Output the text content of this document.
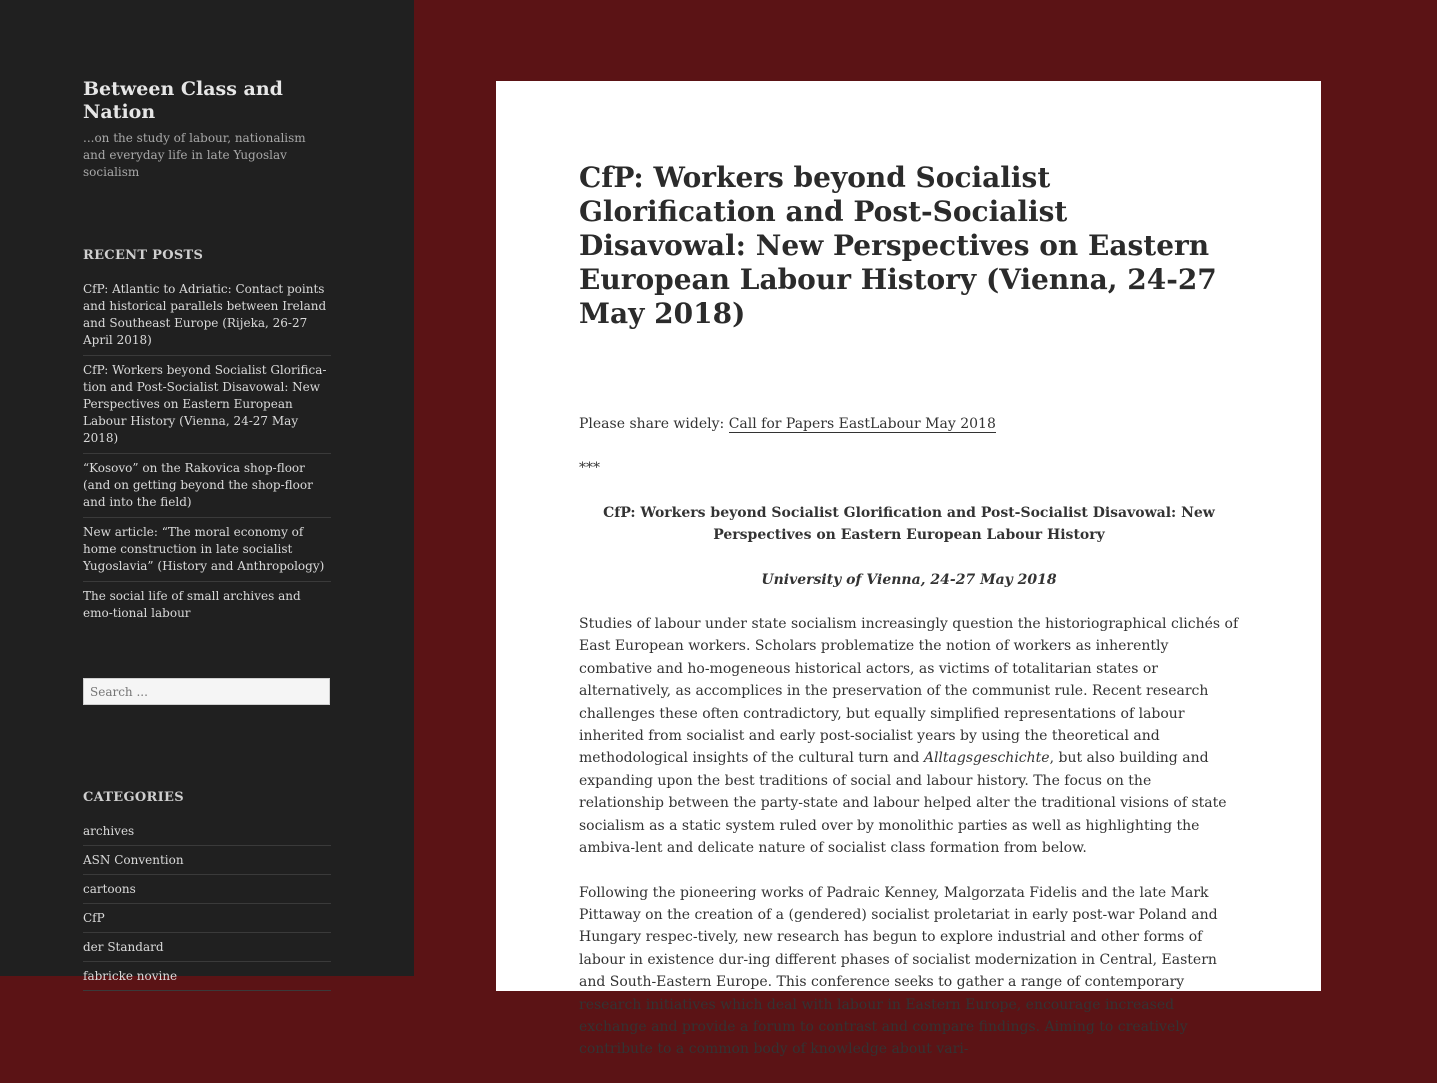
Between Class and Nation
...on the study of labour, nationalism and everyday life in late Yugoslav socialism
RECENT POSTS
CfP: Atlantic to Adriatic: Contact points and historical parallels between Ireland and Southeast Europe (Rijeka, 26-27 April 2018)
CfP: Workers beyond Socialist Glorifica-tion and Post-Socialist Disavowal: New Perspectives on Eastern European Labour History (Vienna, 24-27 May 2018)
“Kosovo” on the Rakovica shop-floor (and on getting beyond the shop-floor and into the field)
New article: “The moral economy of home construction in late socialist Yugoslavia” (History and Anthropology)
The social life of small archives and emo-tional labour
Search ...
CATEGORIES
archives
ASN Convention
cartoons
CfP
der Standard
fabricke novine
CfP: Workers beyond Socialist Glorification and Post-Socialist Disavowal: New Perspectives on Eastern European Labour History (Vienna, 24-27 May 2018)

Please share widely: Call for Papers EastLabour May 2018

***

CfP: Workers beyond Socialist Glorification and Post-Socialist Disavowal: New Perspectives on Eastern European Labour History

University of Vienna, 24-27 May 2018

Studies of labour under state socialism increasingly question the historiographical clichés of East European workers. Scholars problematize the notion of workers as inherently combative and ho-mogeneous historical actors, as victims of totalitarian states or alternatively, as accomplices in the preservation of the communist rule. Recent research challenges these often contradictory, but equally simplified representations of labour inherited from socialist and early post-socialist years by using the theoretical and methodological insights of the cultural turn and Alltagsgeschichte, but also building and expanding upon the best traditions of social and labour history. The focus on the relationship between the party-state and labour helped alter the traditional visions of state socialism as a static system ruled over by monolithic parties as well as highlighting the ambiva-lent and delicate nature of socialist class formation from below.

Following the pioneering works of Padraic Kenney, Malgorzata Fidelis and the late Mark Pittaway on the creation of a (gendered) socialist proletariat in early post-war Poland and Hungary respec-tively, new research has begun to explore industrial and other forms of labour in existence dur-ing different phases of socialist modernization in Central, Eastern and South-Eastern Europe. This conference seeks to gather a range of contemporary research initiatives which deal with labour in Eastern Europe, encourage increased exchange and provide a forum to contrast and compare findings. Aiming to creatively contribute to a common body of knowledge about vari-
